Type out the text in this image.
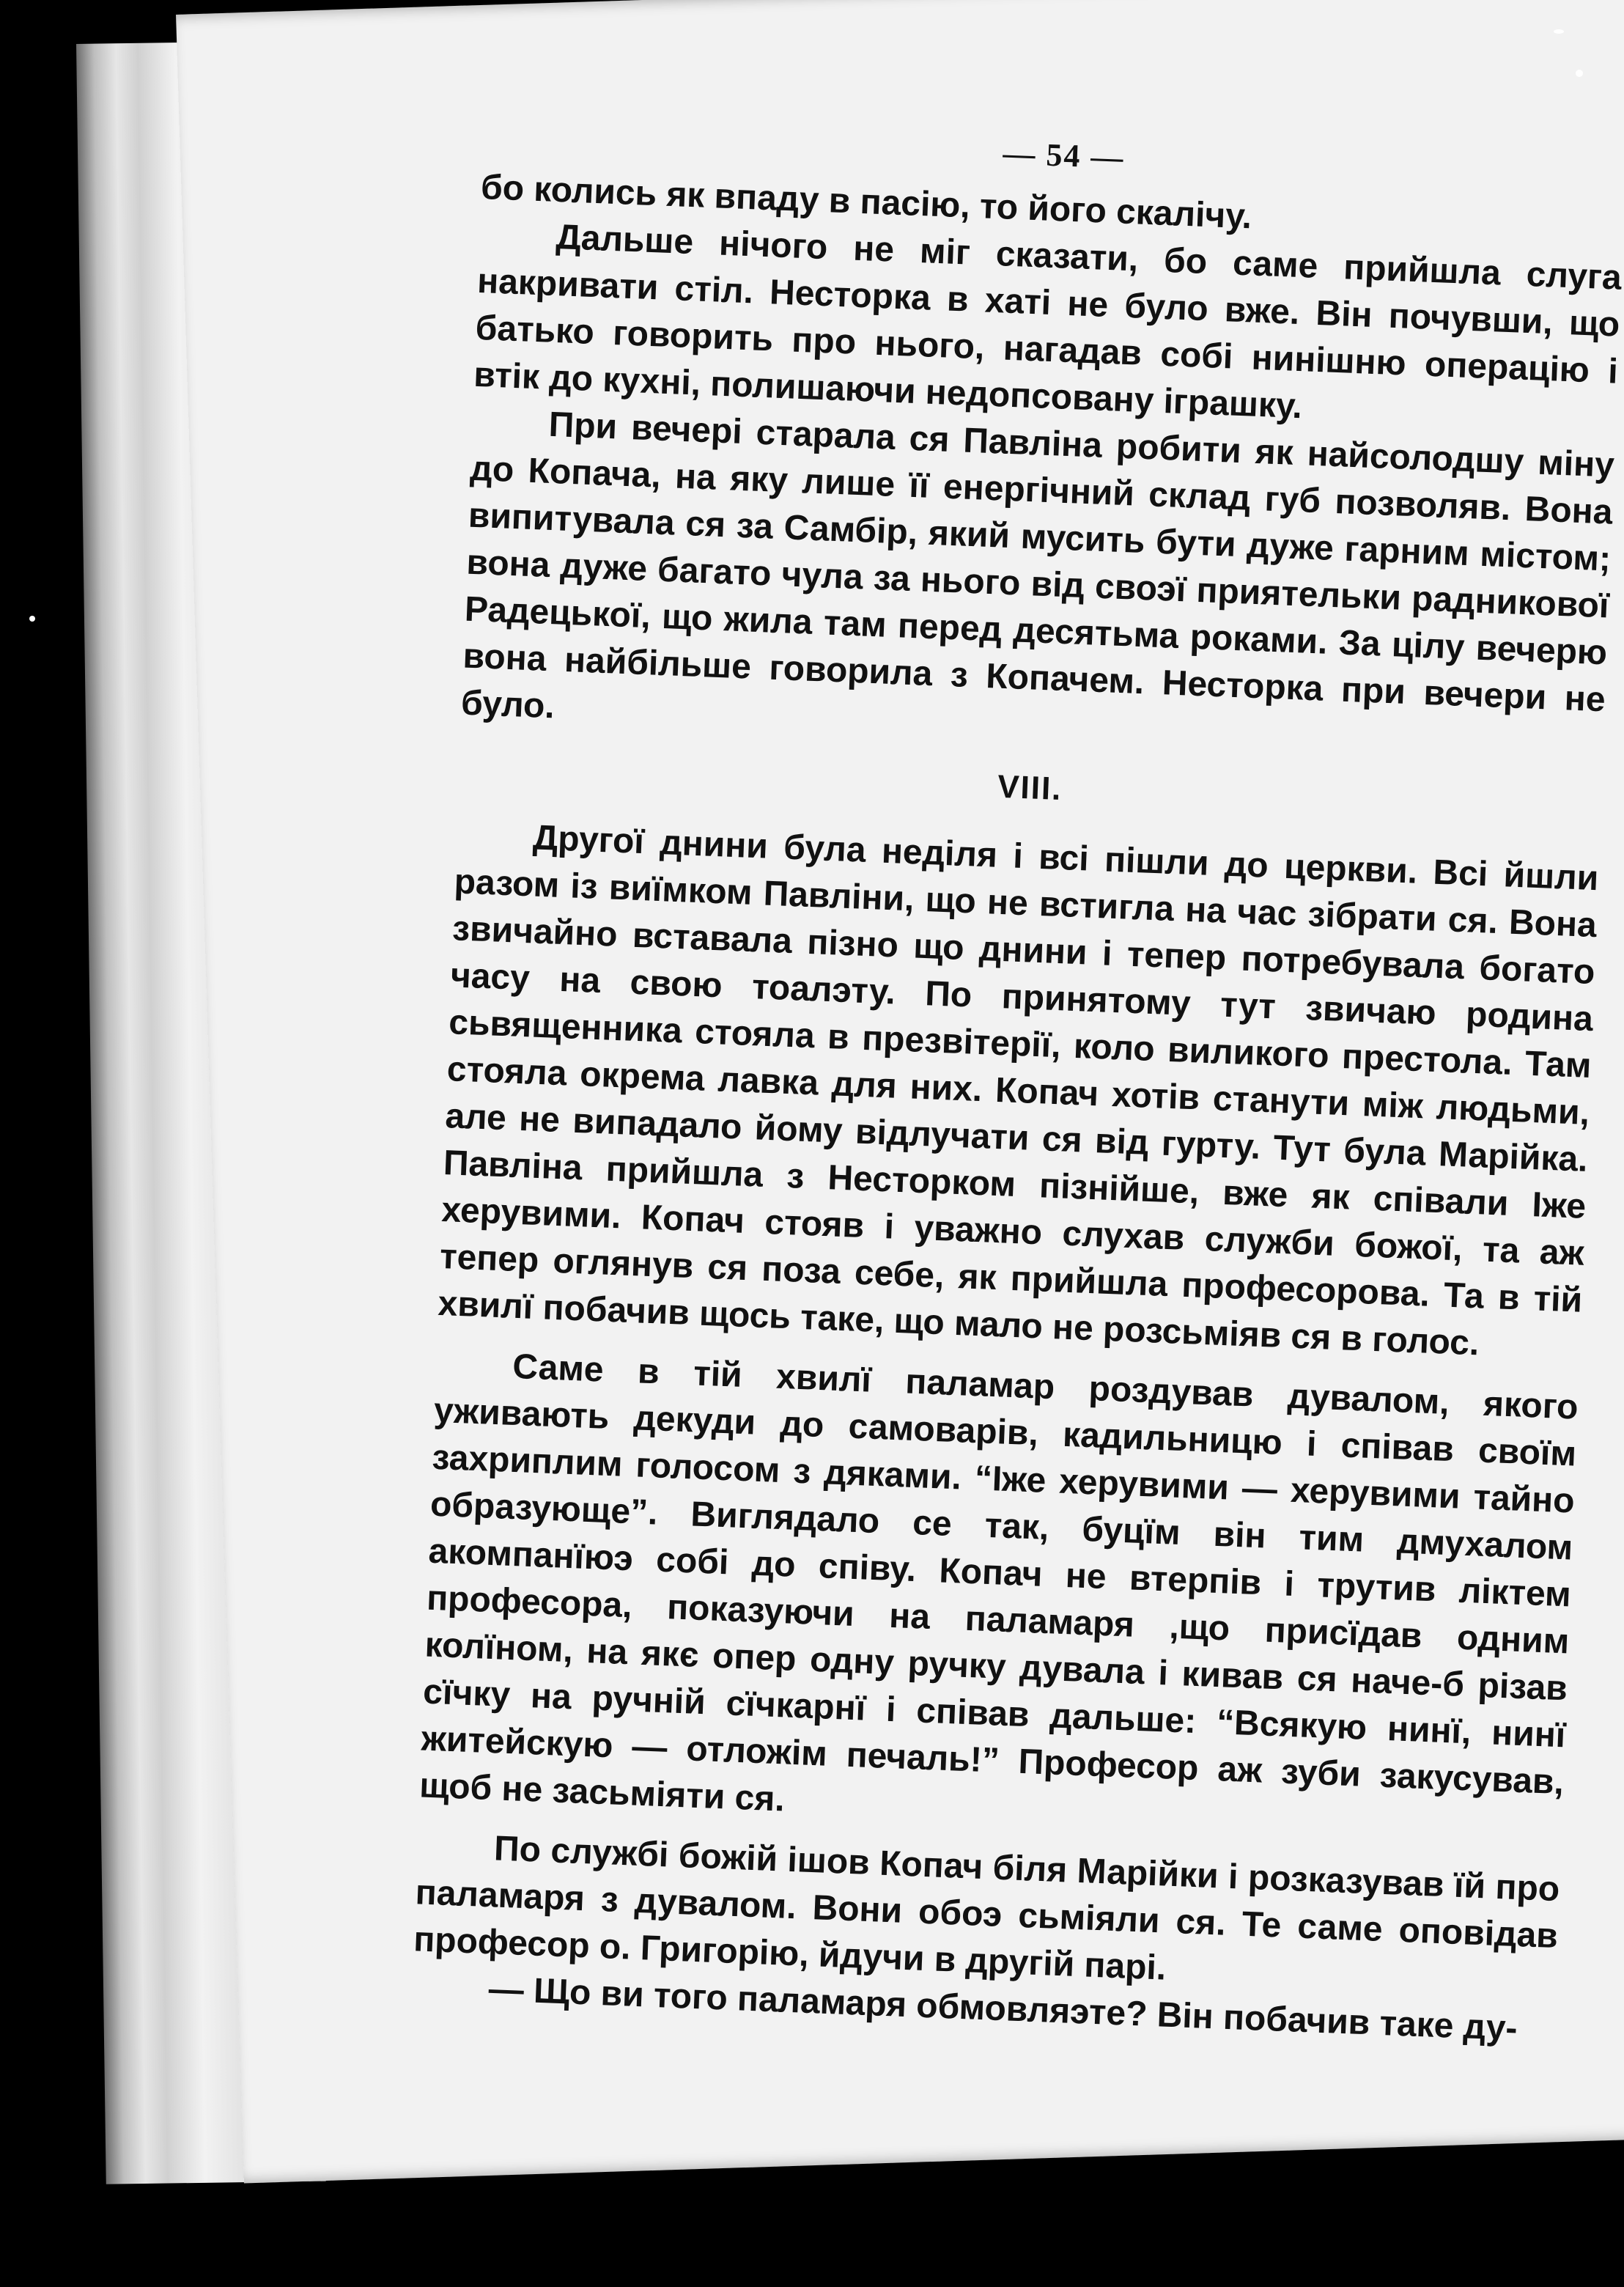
— 54 —

бо колись як впаду в пасію, то його скалічу.

Дальше нічого не міг сказати, бо саме прийшла слуга накривати стіл. Несторка в хаті не було вже. Він почувши, що батько говорить про нього, нагадав собі нинішню операцію і втік до кухні, полишаючи недопсовану іграшку.

При вечері старала ся Павліна робити як найсолодшу міну до Копача, на яку лише її енергічний склад губ позволяв. Вона випитувала ся за Самбір, який мусить бути дуже гарним містом; вона дуже багато чула за нього від своэї приятельки радникової Радецької, що жила там перед десятьма роками. За цілу вечерю вона найбільше говорила з Копачем. Несторка при вечери не було.

VIII.

Другої днини була неділя і всі пішли до церкви. Всі йшли разом із виїмком Павліни, що не встигла на час зібрати ся. Вона звичайно вставала пізно що днини і тепер потребувала богато часу на свою тоалэту. По принятому тут звичаю родина сьвященника стояла в презвітерії, коло виликого престола. Там стояла окрема лавка для них. Копач хотів станути між людьми, але не випадало йому відлучати ся від гурту. Тут була Марійка. Павліна прийшла з Несторком пізнійше, вже як співали Іже херувими. Копач стояв і уважно слухав служби божої, та аж тепер оглянув ся поза себе, як прийшла професорова. Та в тій хвилї побачив щось таке, що мало не розсьміяв ся в голос.

Саме в тій хвилї паламар роздував дувалом, якого уживають декуди до самоварів, кадильницю і співав своїм захриплим голосом з дяками. “Іже херувими — херувими тайно образующе”. Виглядало се так, буцїм він тим дмухалом акомпанїюэ собі до співу. Копач не втерпів і трутив ліктем професора, показуючи на паламаря ,що присїдав одним колїном, на якє опер одну ручку дувала і кивав ся наче-б різав сїчку на ручній сїчкарнї і співав дальше: “Всякую нинї, нинї житейскую — отложім печаль!” Професор аж зуби закусував, щоб не засьміяти ся.

По службі божій ішов Копач біля Марійки і розказував їй про паламаря з дувалом. Вони обоэ сьміяли ся. Те саме оповідав професор о. Григорію, йдучи в другій парі.

— Що ви того паламаря обмовляэте? Він побачив таке ду-
